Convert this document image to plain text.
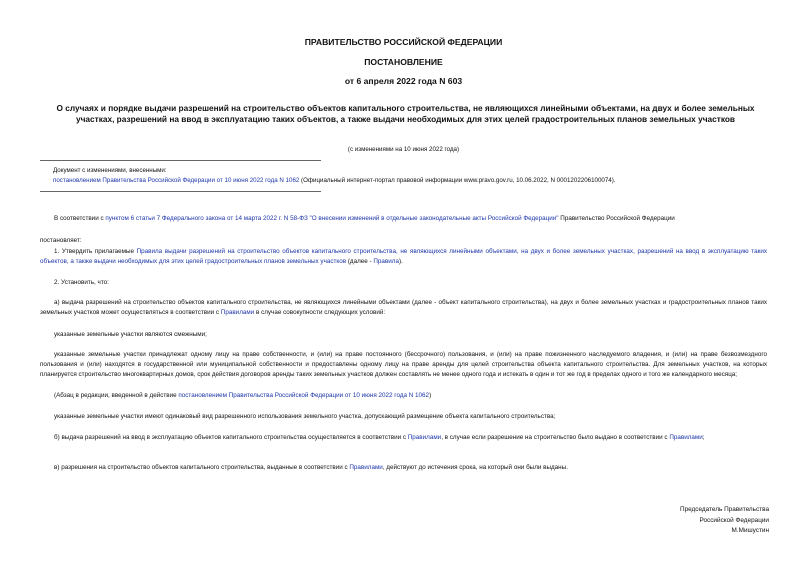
ПРАВИТЕЛЬСТВО РОССИЙСКОЙ ФЕДЕРАЦИИ
ПОСТАНОВЛЕНИЕ
от 6 апреля 2022 года N 603
О случаях и порядке выдачи разрешений на строительство объектов капитального строительства, не являющихся линейными объектами, на двух и более земельных участках, разрешений на ввод в эксплуатацию таких объектов, а также выдачи необходимых для этих целей градостроительных планов земельных участков
(с изменениями на 10 июня 2022 года)
Документ с изменениями, внесенными:
постановлением Правительства Российской Федерации от 10 июня 2022 года N 1062 (Официальный интернет-портал правовой информации www.pravo.gov.ru, 10.06.2022, N 0001202206100074).
В соответствии с пунктом 6 статьи 7 Федерального закона от 14 марта 2022 г. N 58-ФЗ "О внесении изменений в отдельные законодательные акты Российской Федерации" Правительство Российской Федерации
постановляет:
1. Утвердить прилагаемые Правила выдачи разрешений на строительство объектов капитального строительства, не являющихся линейными объектами, на двух и более земельных участках, разрешений на ввод в эксплуатацию таких объектов, а также выдачи необходимых для этих целей градостроительных планов земельных участков (далее - Правила).
2. Установить, что:
а) выдача разрешений на строительство объектов капитального строительства, не являющихся линейными объектами (далее - объект капитального строительства), на двух и более земельных участках и градостроительных планов таких земельных участков может осуществляться в соответствии с Правилами в случае совокупности следующих условий:
указанные земельные участки являются смежными;
указанные земельные участки принадлежат одному лицу на праве собственности, и (или) на праве постоянного (бессрочного) пользования, и (или) на праве пожизненного наследуемого владения, и (или) на праве безвозмездного пользования и (или) находятся в государственной или муниципальной собственности и предоставлены одному лицу на праве аренды для целей строительства объекта капитального строительства. Для земельных участков, на которых планируется строительство многоквартирных домов, срок действия договоров аренды таких земельных участков должен составлять не менее одного года и истекать в один и тот же год в пределах одного и того же календарного месяца;
(Абзац в редакции, введенной в действие постановлением Правительства Российской Федерации от 10 июня 2022 года N 1062)
указанные земельные участки имеют одинаковый вид разрешенного использования земельного участка, допускающий размещение объекта капитального строительства;
б) выдача разрешений на ввод в эксплуатацию объектов капитального строительства осуществляется в соответствии с Правилами, в случае если разрешение на строительство было выдано в соответствии с Правилами;
в) разрешения на строительство объектов капитального строительства, выданные в соответствии с Правилами, действуют до истечения срока, на который они были выданы.
Председатель Правительства
Российской Федерации
М.Мишустин
